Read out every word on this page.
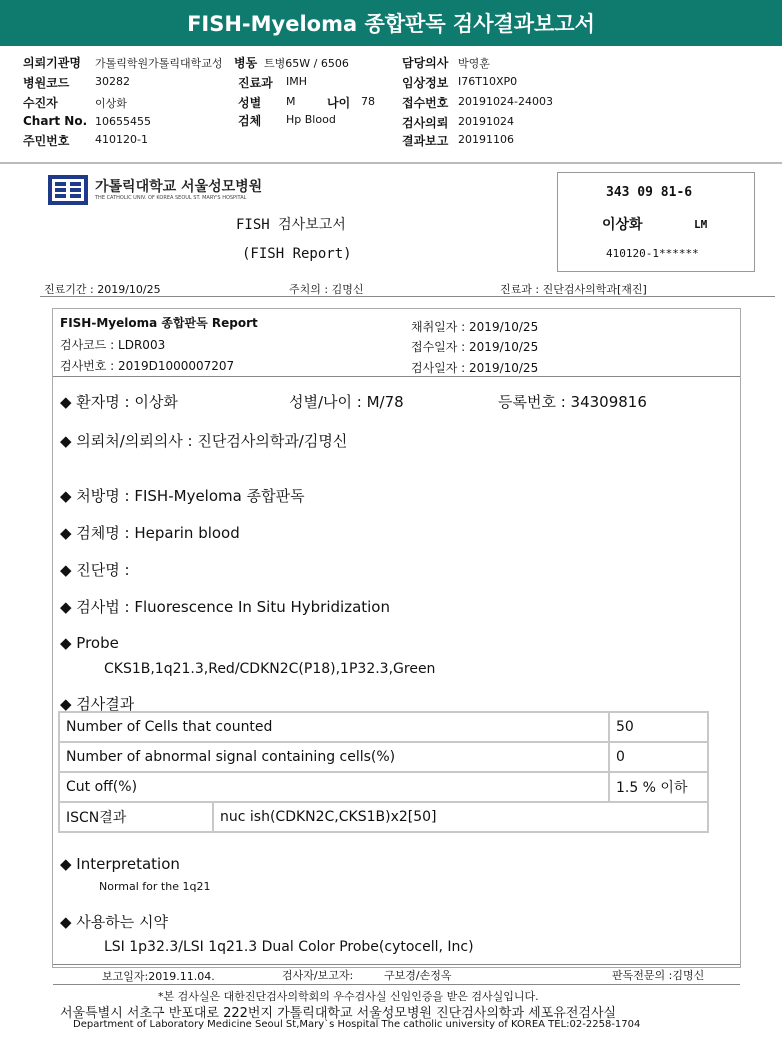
FISH-Myeloma 종합판독 검사결과보고서
의뢰기관명 가톨릭학원가톨릭대학교성 병동 트병65W / 6506
병원코드 30282	진료과 IMH
수진자	이상화	성별 M	나이 78
Chart No. 10655455	검체 Hp Blood
주민번호 410120-1
담당의사 박영훈
임상정보 I76T10XP0
접수번호 20191024-24003
검사의뢰 20191024
결과보고 20191106
가톨릭대학교 서울성모병원
THE CATHOLIC UNIV. OF KOREA SEOUL ST. MARY'S HOSPITAL
FISH 검사보고서
(FISH Report)
343 09 81-6
이상화	LM
410120-1******
진료기간 : 2019/10/25	주치의 : 김명신	진료과 : 진단검사의학과[재진]
FISH-Myeloma 종합판독 Report
검사코드 : LDR003
검사번호 : 2019D1000007207
채취일자 : 2019/10/25
접수일자 : 2019/10/25
검사일자 : 2019/10/25
◆ 환자명 : 이상화	성별/나이 : M/78	등록번호 : 34309816
◆ 의뢰처/의뢰의사 : 진단검사의학과/김명신
◆ 처방명 : FISH-Myeloma 종합판독
◆ 검체명 : Heparin blood
◆ 진단명 :
◆ 검사법 : Fluorescence In Situ Hybridization
◆ Probe
CKS1B,1q21.3,Red/CDKN2C(P18),1P32.3,Green
◆ 검사결과
Number of Cells that counted		50
Number of abnormal signal containing cells(%)		0
Cut off(%)		1.5 % 이하
ISCN결과	nuc ish(CDKN2C,CKS1B)x2[50]	
◆ Interpretation
Normal for the 1q21
◆ 사용하는 시약
LSI 1p32.3/LSI 1q21.3 Dual Color Probe(cytocell, Inc)
보고일자:2019.11.04.	검사자/보고자:	구보경/손정옥	판독전문의 :김명신
*본 검사실은 대한진단검사의학회의 우수검사실 신임인증을 받은 검사실입니다.
서울특별시 서초구 반포대로 222번지 가톨릭대학교 서울성모병원 진단검사의학과 세포유전검사실
Department of Laboratory Medicine Seoul St,Mary`s Hospital The catholic university of KOREA TEL:02-2258-1704
